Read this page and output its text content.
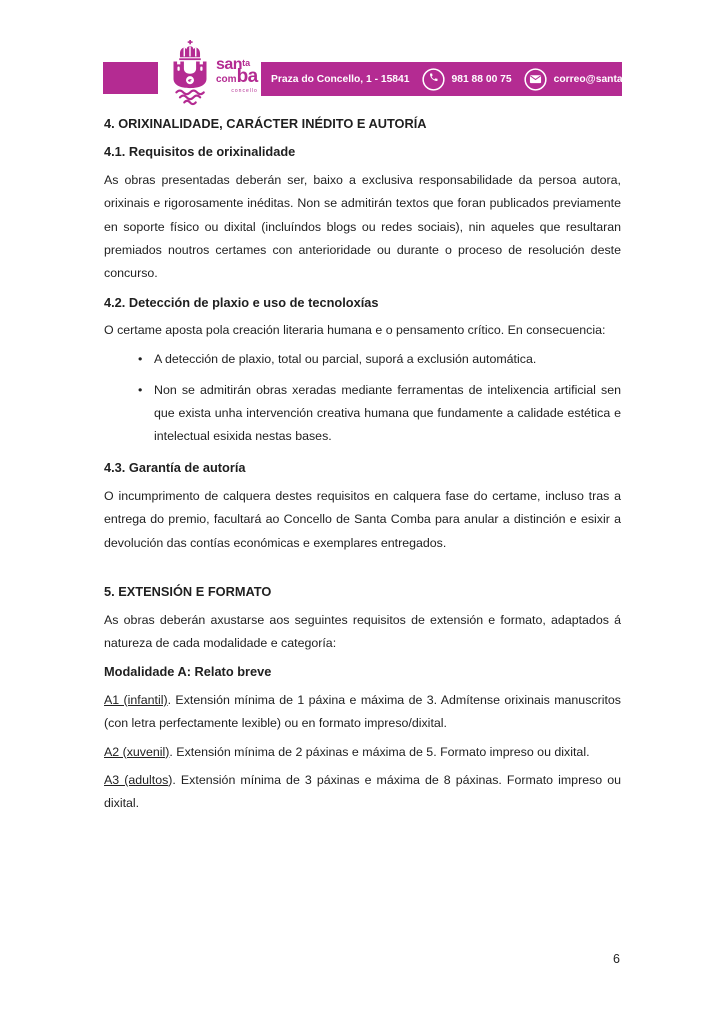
santa
comba
concello
Praza do Concello, 1 - 15841	981 88 00 75	correo@santacomba.es
4. ORIXINALIDADE, CARÁCTER INÉDITO E AUTORÍA
4.1. Requisitos de orixinalidade

As obras presentadas deberán ser, baixo a exclusiva responsabilidade da persoa autora, orixinais e rigorosamente inéditas. Non se admitirán textos que foran publicados previamente en soporte físico ou dixital (incluíndos blogs ou redes sociais), nin aqueles que resultaran premiados noutros certames con anterioridade ou durante o proceso de resolución deste concurso.

4.2. Detección de plaxio e uso de tecnoloxías

O certame aposta pola creación literaria humana e o pensamento crítico. En consecuencia:

• A detección de plaxio, total ou parcial, suporá a exclusión automática.
• Non se admitirán obras xeradas mediante ferramentas de intelixencia artificial sen que exista unha intervención creativa humana que fundamente a calidade estética e intelectual esixida nestas bases.
4.3. Garantía de autoría

O incumprimento de calquera destes requisitos en calquera fase do certame, incluso tras a entrega do premio, facultará ao Concello de Santa Comba para anular a distinción e esixir a devolución das contías económicas e exemplares entregados.

5. EXTENSIÓN E FORMATO

As obras deberán axustarse aos seguintes requisitos de extensión e formato, adaptados á natureza de cada modalidade e categoría:

Modalidade A: Relato breve

A1 (infantil). Extensión mínima de 1 páxina e máxima de 3. Admítense orixinais manuscritos (con letra perfectamente lexible) ou en formato impreso/dixital.

A2 (xuvenil). Extensión mínima de 2 páxinas e máxima de 5. Formato impreso ou dixital.

A3 (adultos). Extensión mínima de 3 páxinas e máxima de 8 páxinas. Formato impreso ou dixital.

6
